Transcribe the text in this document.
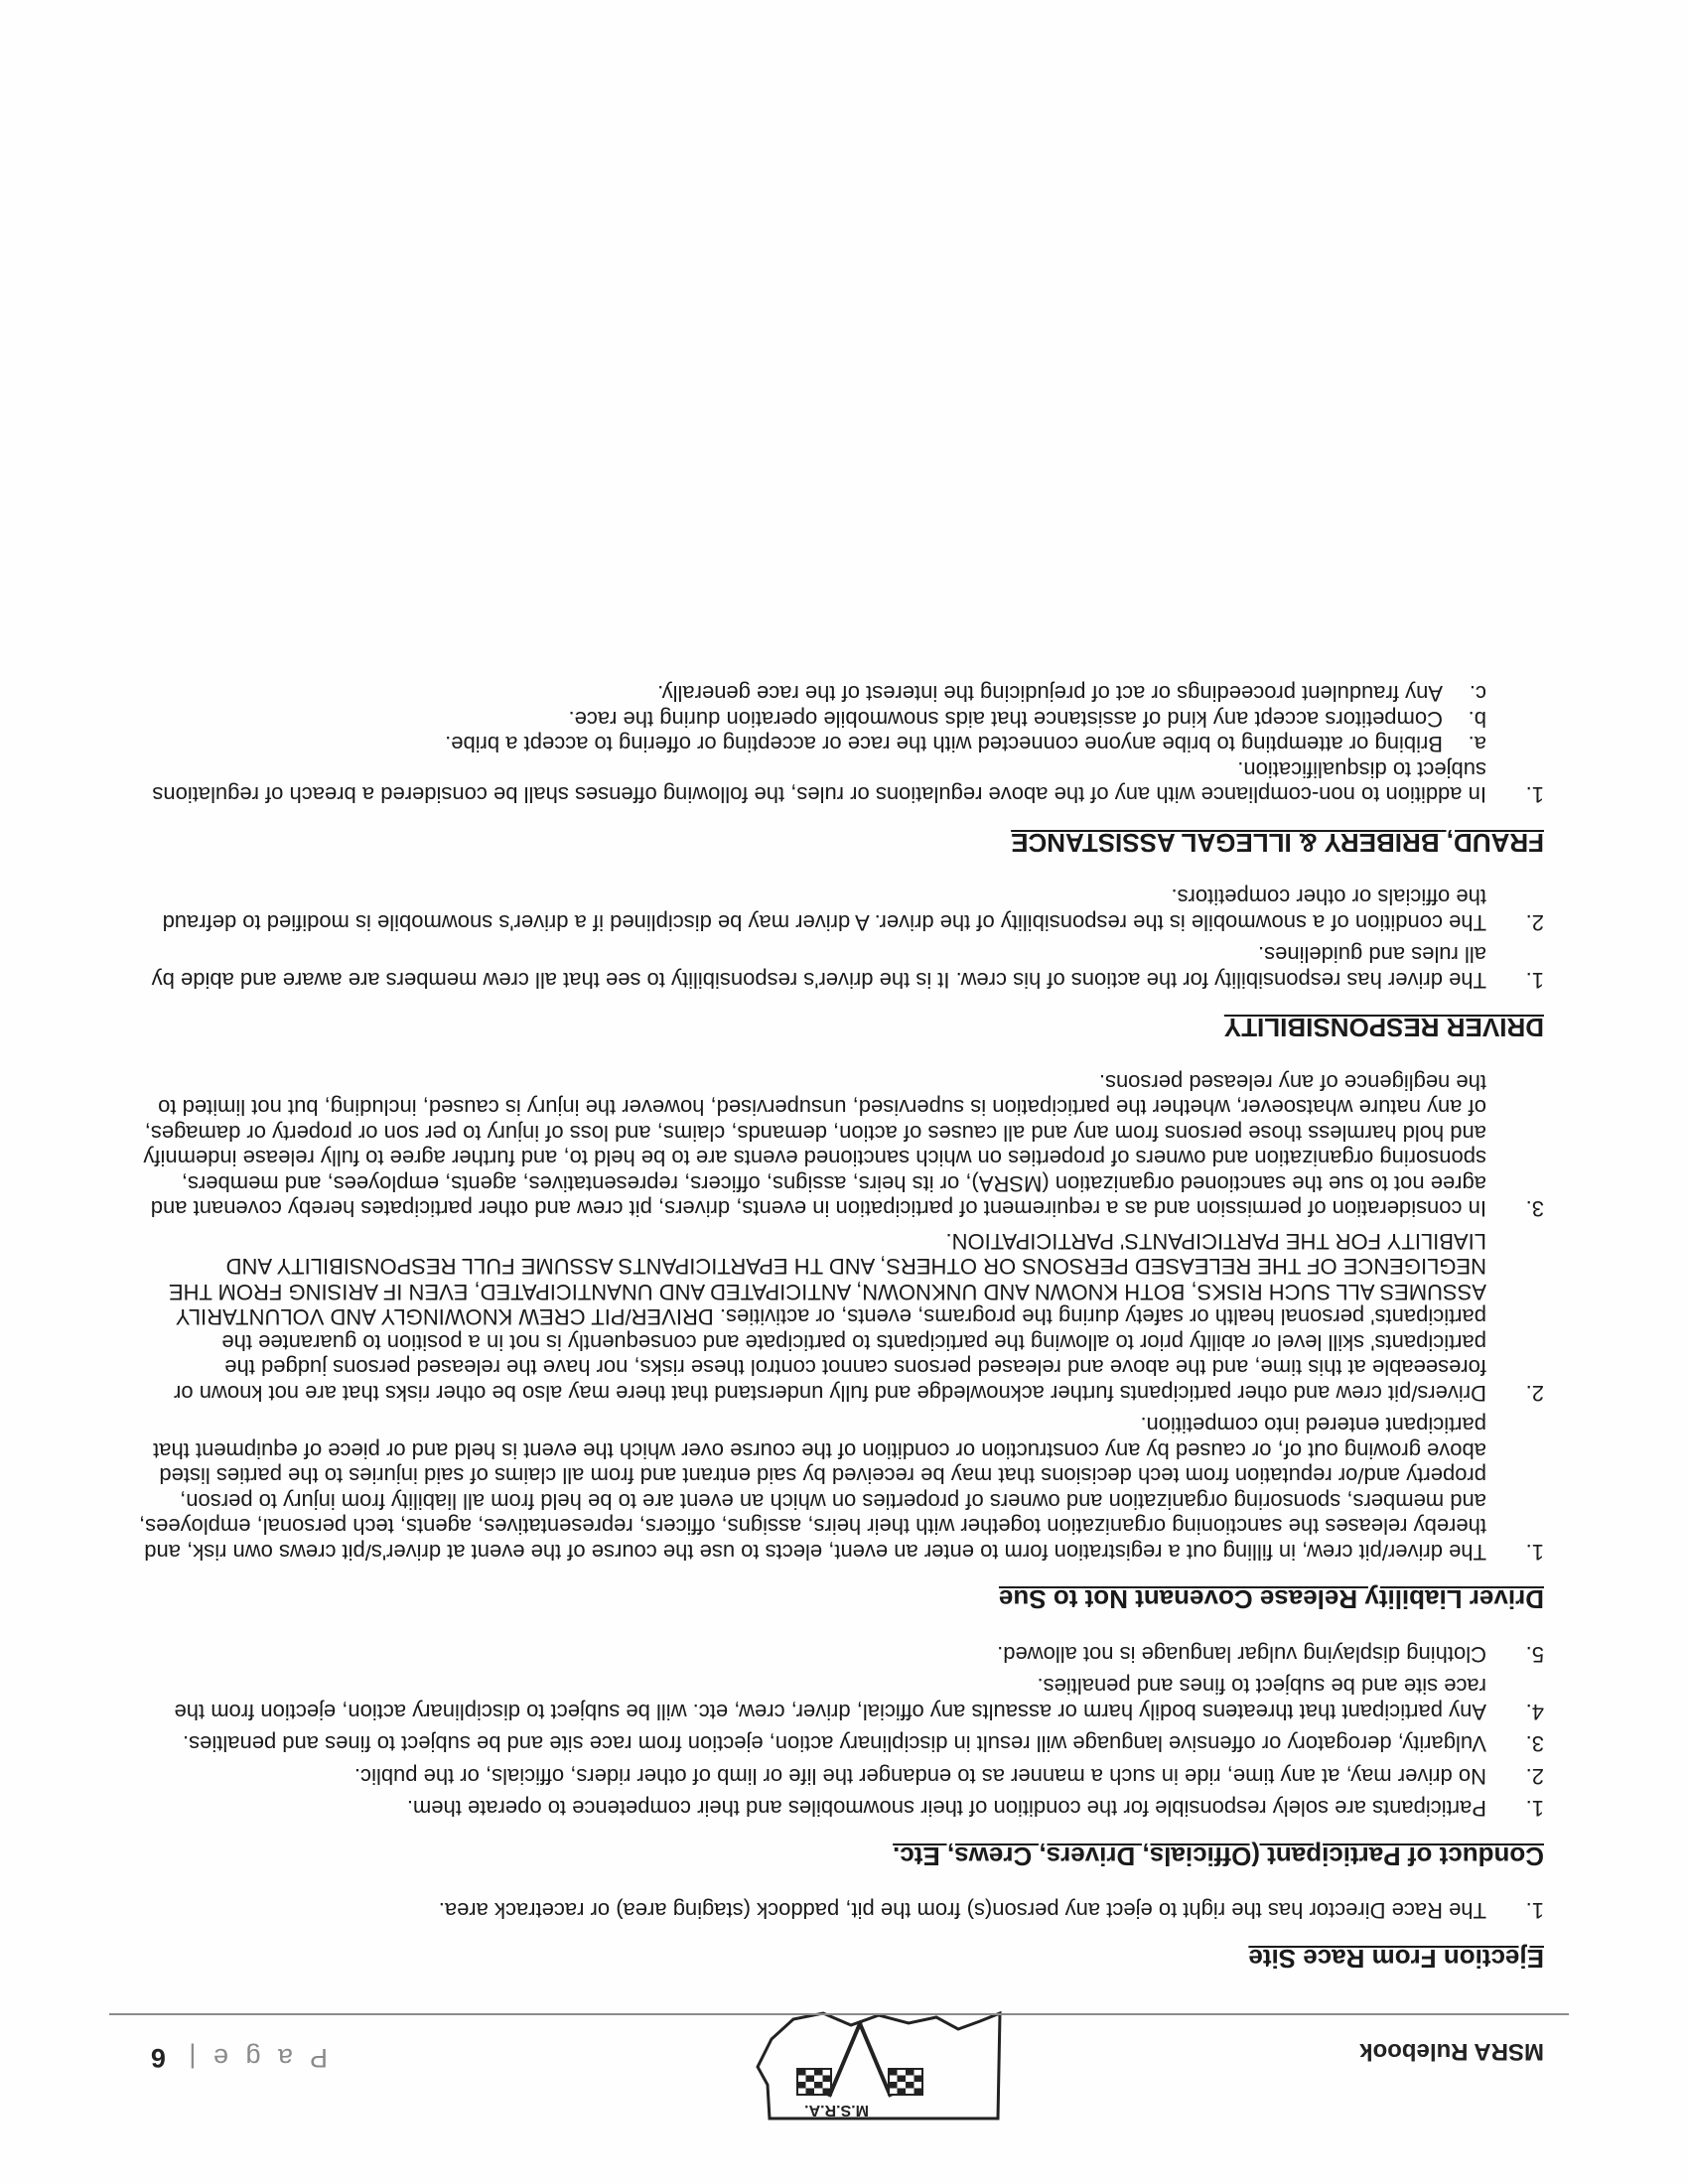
MSRA Rulebook
M.S.R.A.
P a g e | 6
Ejection From Race Site
1.
The Race Director has the right to eject any person(s) from the pit, paddock (staging area) or racetrack area.
Conduct of Participant (Officials, Drivers, Crews, Etc.
1.
Participants are solely responsible for the condition of their snowmobiles and their competence to operate them.
2.
No driver may, at any time, ride in such a manner as to endanger the life or limb of other riders, officials, or the public.
3.
Vulgarity, derogatory or offensive language will result in disciplinary action, ejection from race site and be subject to fines and penalties.
4.
Any participant that threatens bodily harm or assaults any official, driver, crew, etc. will be subject to disciplinary action, ejection from the race site and be subject to fines and penalties.
5.
Clothing displaying vulgar language is not allowed.
Driver Liability Release Covenant Not to Sue
1.
The driver/pit crew, in filling out a registration form to enter an event, elects to use the course of the event at driver's/pit crews own risk, and thereby releases the sanctioning organization together with their heirs, assigns, officers, representatives, agents, tech personal, employees, and members, sponsoring organization and owners of properties on which an event are to be held from all liability from injury to person, property and/or reputation from tech decisions that may be received by said entrant and from all claims of said injuries to the parties listed above growing out of, or caused by any construction or condition of the course over which the event is held and or piece of equipment that participant entered into competition.
2.
Drivers/pit crew and other participants further acknowledge and fully understand that there may also be other risks that are not known or foreseeable at this time, and the above and released persons cannot control these risks, nor have the released persons judged the participants' skill level or ability prior to allowing the participants to participate and consequently is not in a position to guarantee the participants' personal health or safety during the programs, events, or activities. DRIVER/PIT CREW KNOWINGLY AND VOLUNTARILY ASSUMES ALL SUCH RISKS, BOTH KNOWN AND UNKNOWN, ANTICIPATED AND UNANTICIPATED, EVEN IF ARISING FROM THE NEGLIGENCE OF THE RELEASED PERSONS OR OTHERS, AND TH EPARTICIPANTS ASSUME FULL RESPONSIBILITY AND LIABILITY FOR THE PARTICIPANTS' PARTICIPATION.
3.
In consideration of permission and as a requirement of participation in events, drivers, pit crew and other participates hereby covenant and agree not to sue the sanctioned organization (MSRA), or its heirs, assigns, officers, representatives, agents, employees, and members, sponsoring organization and owners of properties on which sanctioned events are to be held to, and further agree to fully release indemnify and hold harmless those persons from any and all causes of action, demands, claims, and loss of injury to per son or property or damages, of any nature whatsoever, whether the participation is supervised, unsupervised, however the injury is caused, including, but not limited to the negligence of any released persons.
DRIVER RESPONSIBILITY
1.
The driver has responsibility for the actions of his crew. It is the driver's responsibility to see that all crew members are aware and abide by all rules and guidelines.
2.
The condition of a snowmobile is the responsibility of the driver. A driver may be disciplined if a driver's snowmobile is modified to defraud the officials or other competitors.
FRAUD, BRIBERY & ILLEGAL ASSISTANCE
1.
In addition to non-compliance with any of the above regulations or rules, the following offenses shall be considered a breach of regulations subject to disqualification.
a.
Bribing or attempting to bribe anyone connected with the race or accepting or offering to accept a bribe.
b.
Competitors accept any kind of assistance that aids snowmobile operation during the race.
c.
Any fraudulent proceedings or act of prejudicing the interest of the race generally.
